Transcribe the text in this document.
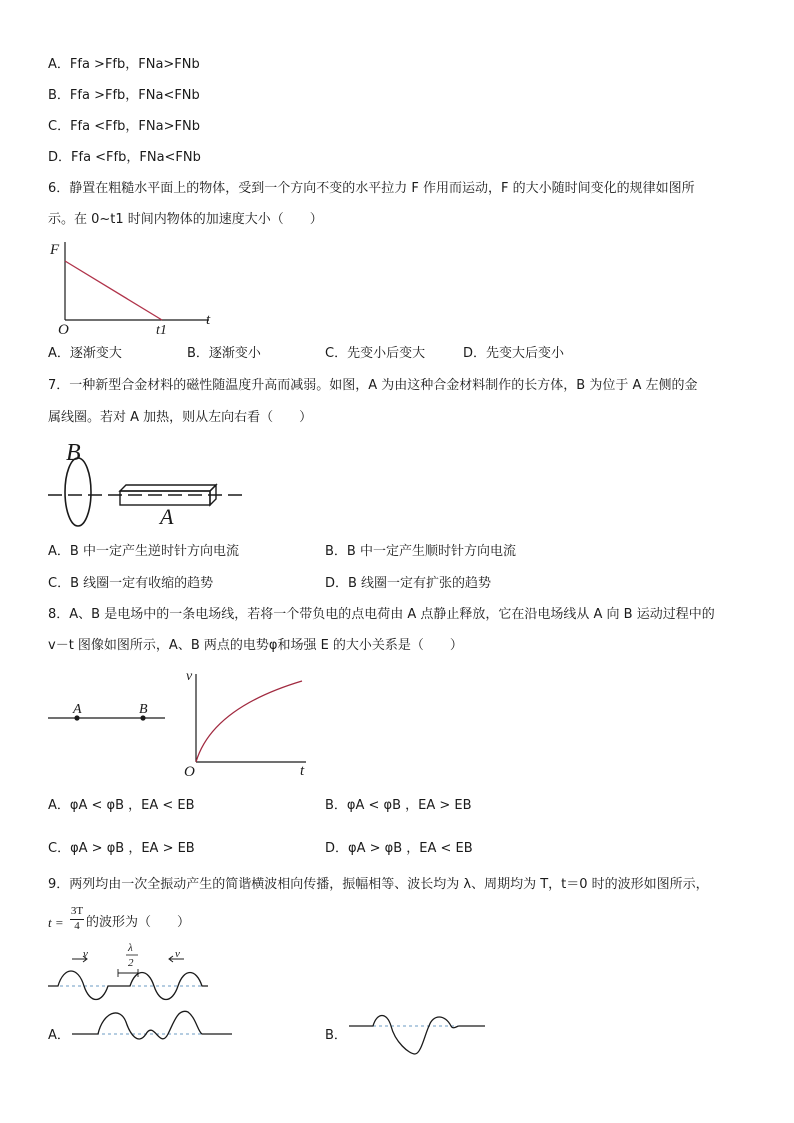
A．Ffa >Ffb，FNa>FNb
B．Ffa >Ffb，FNa<FNb
C．Ffa <Ffb，FNa>FNb
D．Ffa <Ffb，FNa<FNb
6．静置在粗糙水平面上的物体，受到一个方向不变的水平拉力 F 作用而运动，F 的大小随时间变化的规律如图所
示。在 0~t1 时间内物体的加速度大小（　　）
F
t
O	t1
A．逐渐变大	B．逐渐变小	C．先变小后变大	D．先变大后变小
7．一种新型合金材料的磁性随温度升高而减弱。如图，A 为由这种合金材料制作的长方体，B 为位于 A 左侧的金
属线圈。若对 A 加热，则从左向右看（　　）
B
A
A．B 中一定产生逆时针方向电流	B．B 中一定产生顺时针方向电流
C．B 线圈一定有收缩的趋势	D．B 线圈一定有扩张的趋势
8．A、B 是电场中的一条电场线，若将一个带负电的点电荷由 A 点静止释放，它在沿电场线从 A 向 B 运动过程中的
v－t 图像如图所示，A、B 两点的电势φ和场强 E 的大小关系是（　　）
A	B
v
t
O
A．φA < φB ，EA < EB	B．φA < φB ，EA > EB
C．φA > φB ，EA > EB	D．φA > φB ，EA < EB
9．两列均由一次全振动产生的简谐横波相向传播，振幅相等、波长均为 λ、周期均为 T，t＝0 时的波形如图所示，
t =
3T
4 的波形为（　　）
v	v
λ
2
A．	B．
